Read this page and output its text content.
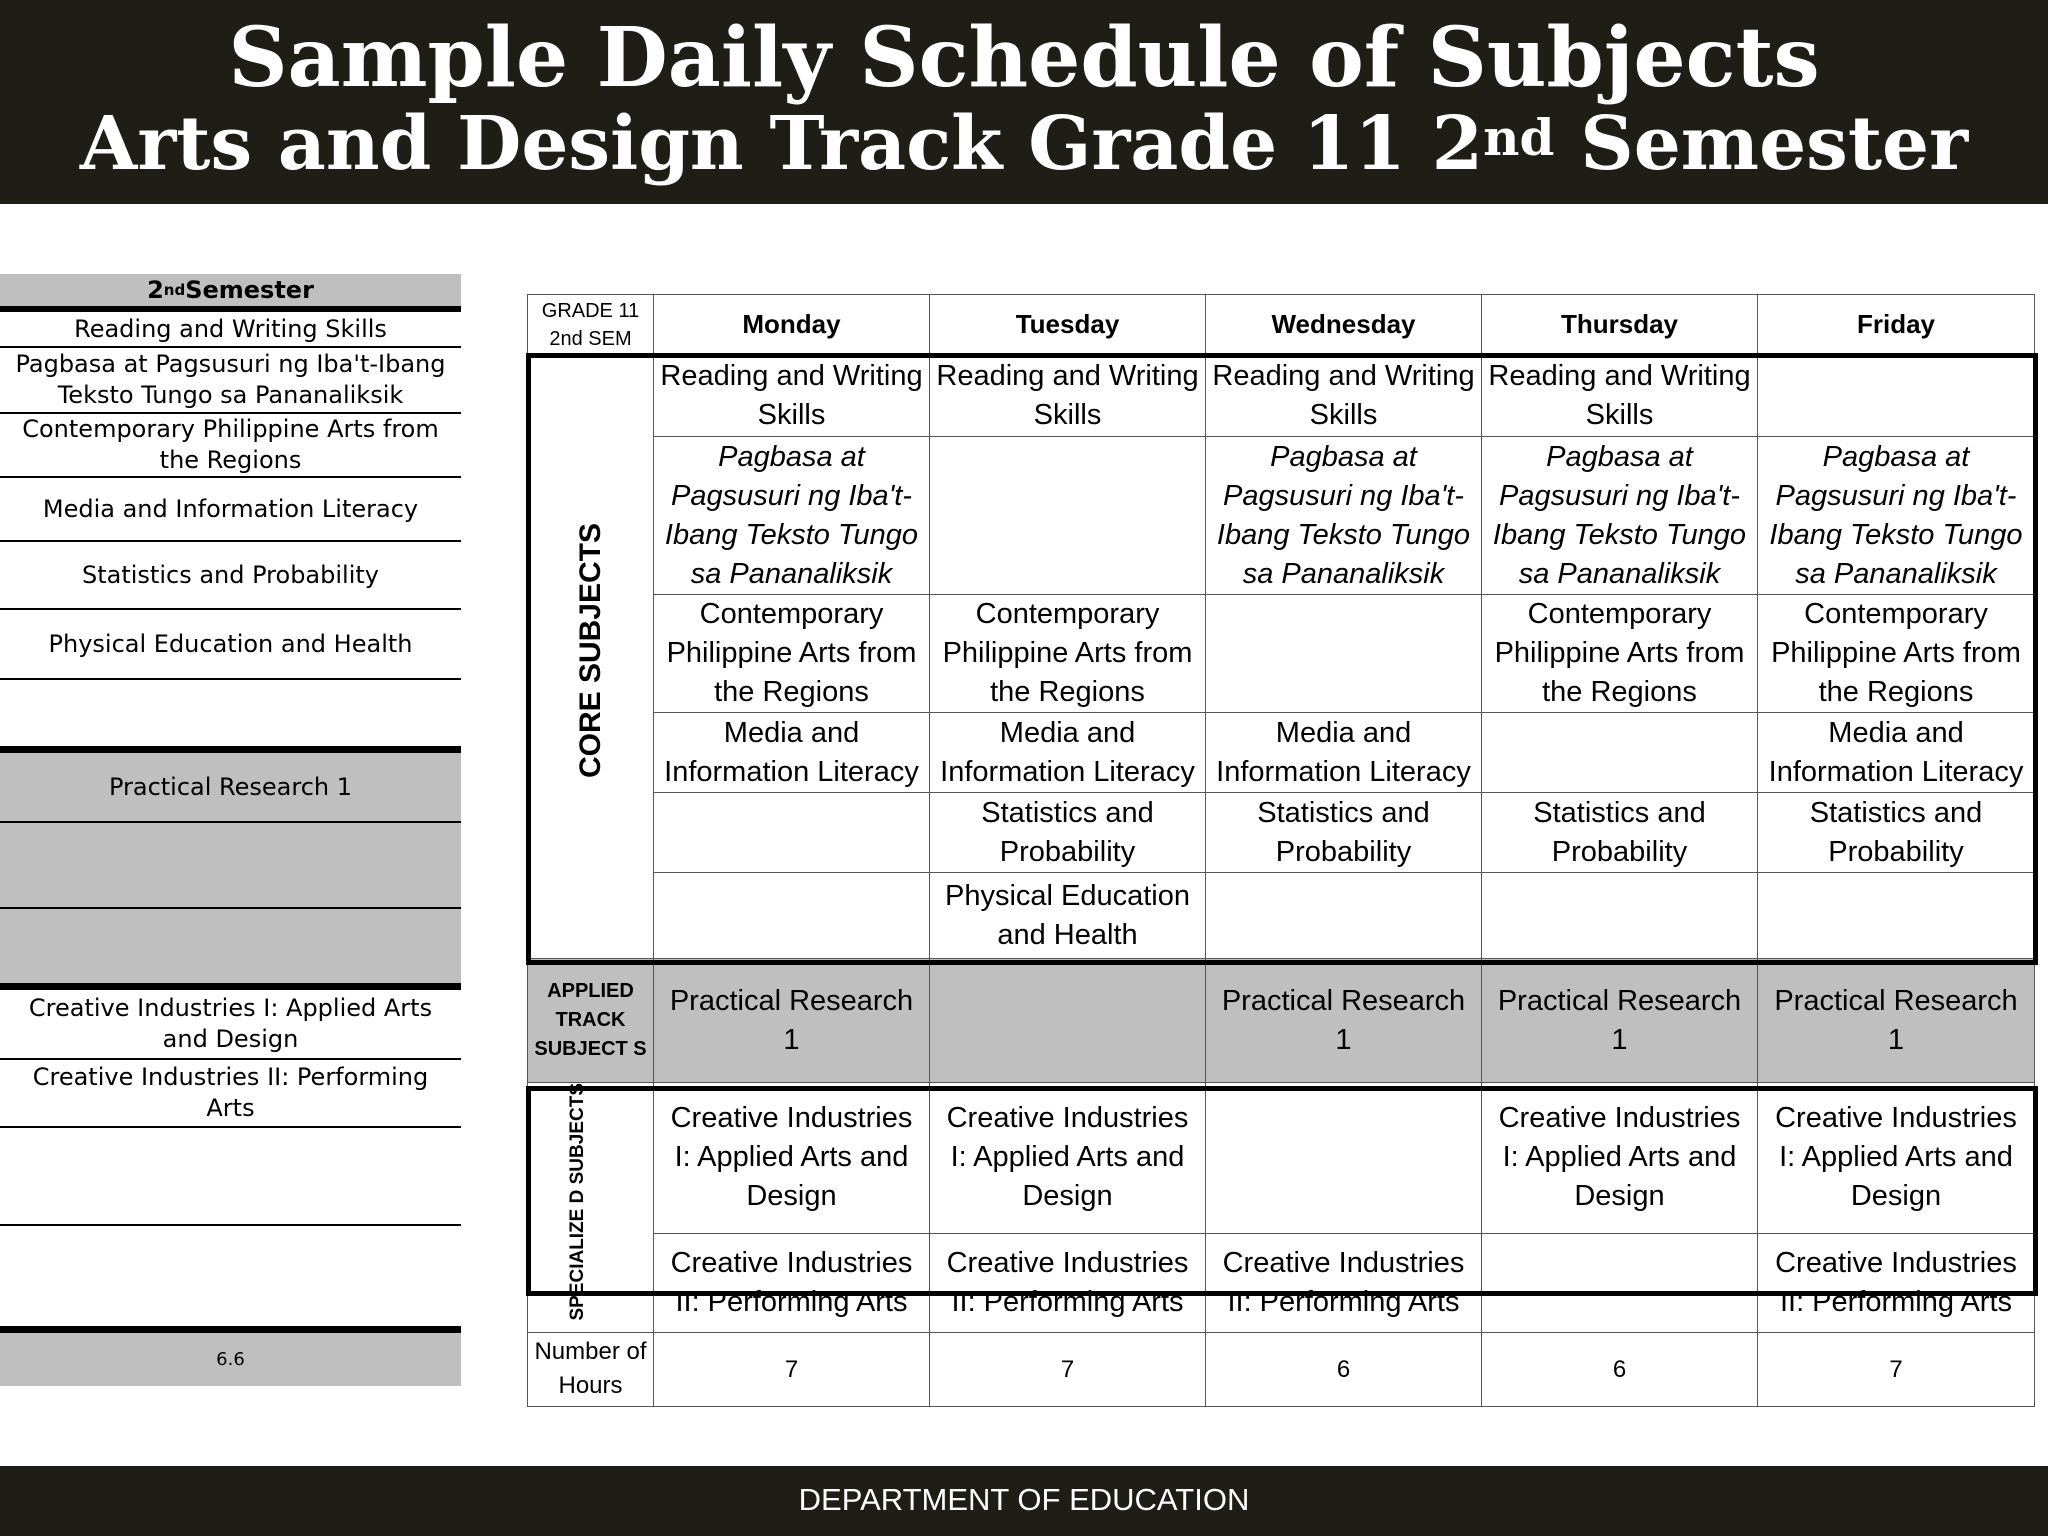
Sample Daily Schedule of Subjects
Arts and Design Track Grade 11 2nd Semester
2 nd Semester
Reading and Writing Skills
Pagbasa at Pagsusuri ng Iba't-Ibang Teksto Tungo sa Pananaliksik
Contemporary Philippine Arts from the Regions
Media and Information Literacy
Statistics and Probability
Physical Education and Health
Practical Research 1
Creative Industries I: Applied Arts and Design
Creative Industries II: Performing Arts
6.6
GRADE 11
2nd SEM	Monday	Tuesday	Wednesday	Thursday	Friday
CORE SUBJECTS	Reading and Writing Skills	Reading and Writing Skills	Reading and Writing Skills	Reading and Writing Skills	
	Pagbasa at Pagsusuri ng Iba't-Ibang Teksto Tungo sa Pananaliksik		Pagbasa at Pagsusuri ng Iba't-Ibang Teksto Tungo sa Pananaliksik	Pagbasa at Pagsusuri ng Iba't-Ibang Teksto Tungo sa Pananaliksik	Pagbasa at Pagsusuri ng Iba't-Ibang Teksto Tungo sa Pananaliksik
	Contemporary Philippine Arts from the Regions	Contemporary Philippine Arts from the Regions		Contemporary Philippine Arts from the Regions	Contemporary Philippine Arts from the Regions
	Media and Information Literacy	Media and Information Literacy	Media and Information Literacy		Media and Information Literacy
		Statistics and Probability	Statistics and Probability	Statistics and Probability	Statistics and Probability
		Physical Education and Health			
APPLIED TRACK SUBJECT S	Practical Research 1		Practical Research 1	Practical Research 1	Practical Research 1
SPECIALIZE D SUBJECTS	Creative Industries I: Applied Arts and Design	Creative Industries I: Applied Arts and Design		Creative Industries I: Applied Arts and Design	Creative Industries I: Applied Arts and Design
	Creative Industries II: Performing Arts	Creative Industries II: Performing Arts	Creative Industries II: Performing Arts		Creative Industries II: Performing Arts
Number of Hours	7	7	6	6	7
DEPARTMENT OF EDUCATION
